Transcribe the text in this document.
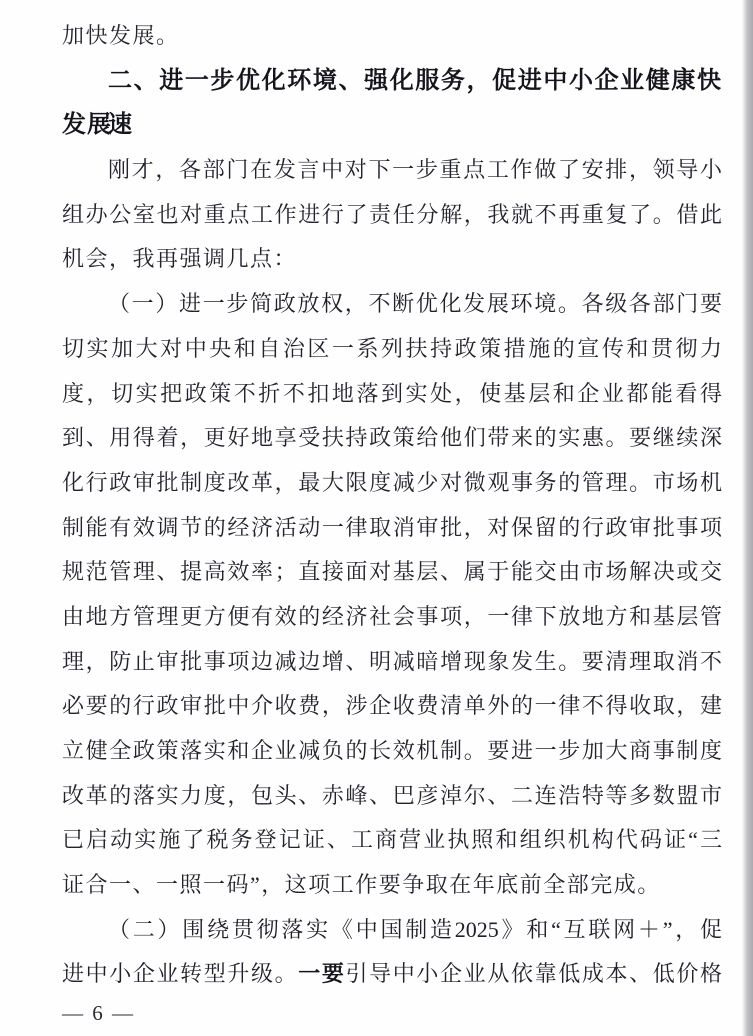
加快发展。
二、进一步优化环境、强化服务，促进中小企业健康快速
发展
刚才，各部门在发言中对下一步重点工作做了安排，领导小
组办公室也对重点工作进行了责任分解，我就不再重复了。借此
机会，我再强调几点：
（一）进一步简政放权，不断优化发展环境。各级各部门要
切实加大对中央和自治区一系列扶持政策措施的宣传和贯彻力
度，切实把政策不折不扣地落到实处，使基层和企业都能看得
到、用得着，更好地享受扶持政策给他们带来的实惠。要继续深
化行政审批制度改革，最大限度减少对微观事务的管理。市场机
制能有效调节的经济活动一律取消审批，对保留的行政审批事项
规范管理、提高效率；直接面对基层、属于能交由市场解决或交
由地方管理更方便有效的经济社会事项，一律下放地方和基层管
理，防止审批事项边减边增、明减暗增现象发生。要清理取消不
必要的行政审批中介收费，涉企收费清单外的一律不得收取，建
立健全政策落实和企业减负的长效机制。要进一步加大商事制度
改革的落实力度，包头、赤峰、巴彦淖尔、二连浩特等多数盟市
已启动实施了税务登记证、工商营业执照和组织机构代码证“三
证合一、一照一码”，这项工作要争取在年底前全部完成。
（二）围绕贯彻落实《中国制造2025》和“互联网＋”，促
进中小企业转型升级。一要引导中小企业从依靠低成本、低价格
— 6 —
